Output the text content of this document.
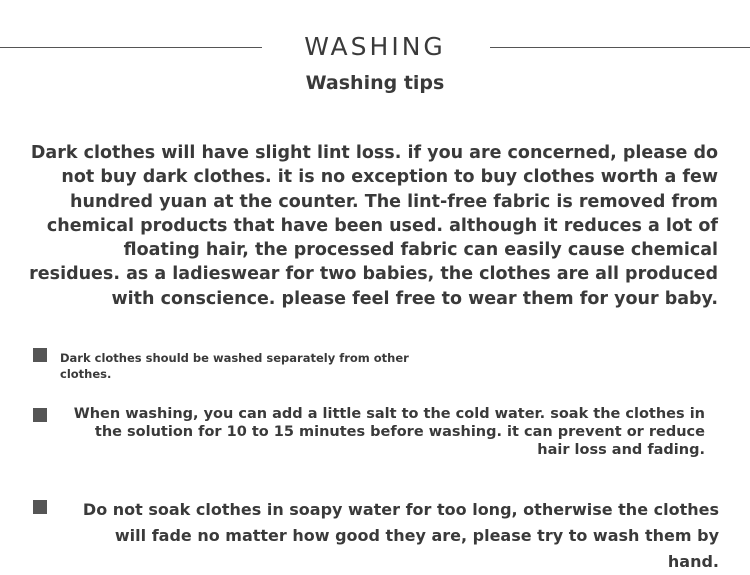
WASHING
Washing tips
Dark clothes will have slight lint loss. if you are concerned, please do not buy dark clothes. it is no exception to buy clothes worth a few hundred yuan at the counter. The lint-free fabric is removed from chemical products that have been used. although it reduces a lot of floating hair, the processed fabric can easily cause chemical residues. as a ladieswear for two babies, the clothes are all produced with conscience. please feel free to wear them for your baby.
Dark clothes should be washed separately from other clothes.
When washing, you can add a little salt to the cold water. soak the clothes in the solution for 10 to 15 minutes before washing. it can prevent or reduce hair loss and fading.
Do not soak clothes in soapy water for too long, otherwise the clothes will fade no matter how good they are, please try to wash them by hand.
